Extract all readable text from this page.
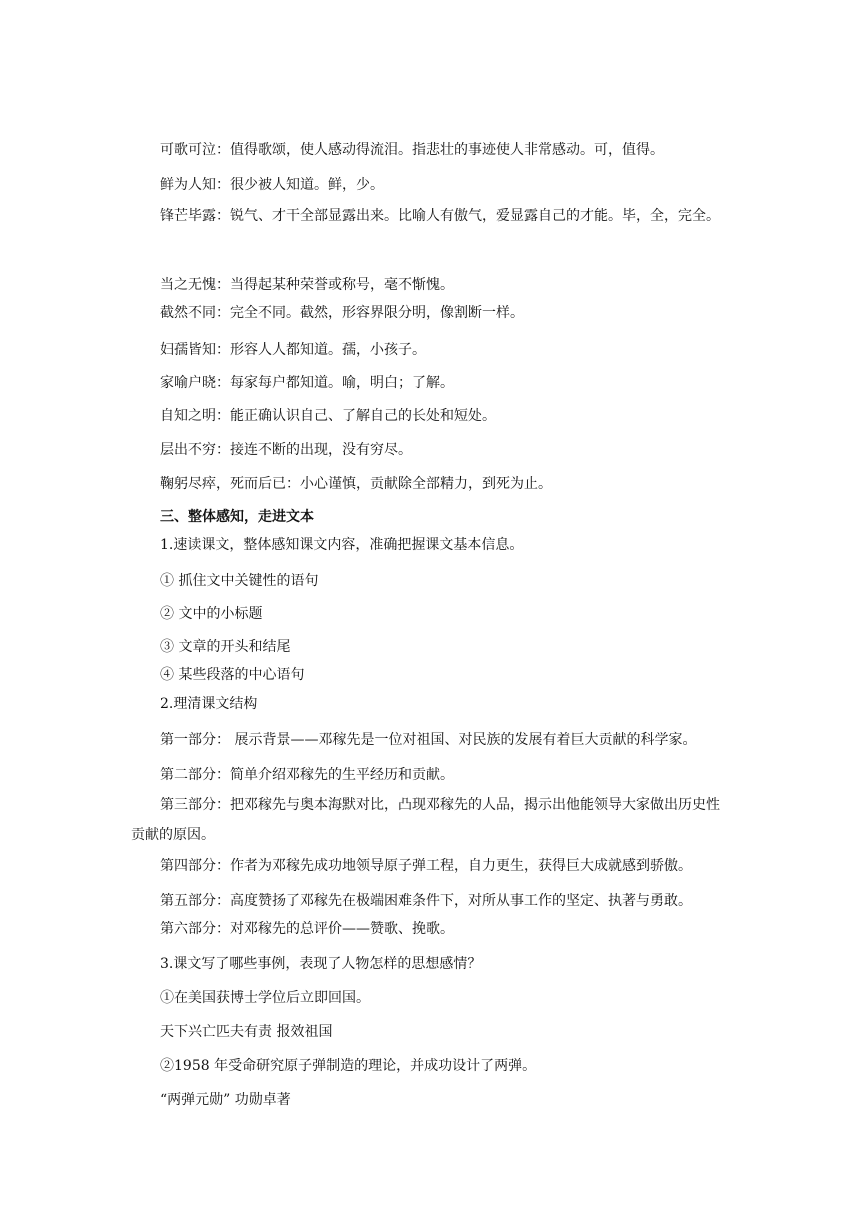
可歌可泣：值得歌颂，使人感动得流泪。指悲壮的事迹使人非常感动。可，值得。
鲜为人知：很少被人知道。鲜，少。
锋芒毕露：锐气、才干全部显露出来。比喻人有傲气，爱显露自己的才能。毕，全，完全。
当之无愧：当得起某种荣誉或称号，毫不惭愧。
截然不同：完全不同。截然，形容界限分明，像割断一样。
妇孺皆知：形容人人都知道。孺，小孩子。
家喻户晓：每家每户都知道。喻，明白；了解。
自知之明：能正确认识自己、了解自己的长处和短处。
层出不穷：接连不断的出现，没有穷尽。
鞠躬尽瘁，死而后已：小心谨慎，贡献除全部精力，到死为止。
三、整体感知，走进文本
1.速读课文，整体感知课文内容，准确把握课文基本信息。
① 抓住文中关键性的语句
② 文中的小标题
③ 文章的开头和结尾
④ 某些段落的中心语句
2.理清课文结构
第一部分： 展示背景——邓稼先是一位对祖国、对民族的发展有着巨大贡献的科学家。
第二部分：简单介绍邓稼先的生平经历和贡献。
第三部分：把邓稼先与奥本海默对比，凸现邓稼先的人品，揭示出他能领导大家做出历史性贡献的原因。
第四部分：作者为邓稼先成功地领导原子弹工程，自力更生，获得巨大成就感到骄傲。
第五部分：高度赞扬了邓稼先在极端困难条件下，对所从事工作的坚定、执著与勇敢。
第六部分：对邓稼先的总评价——赞歌、挽歌。
3.课文写了哪些事例，表现了人物怎样的思想感情？
①在美国获博士学位后立即回国。
天下兴亡匹夫有责 报效祖国
②1958 年受命研究原子弹制造的理论，并成功设计了两弹。
“两弹元勋” 功勋卓著
